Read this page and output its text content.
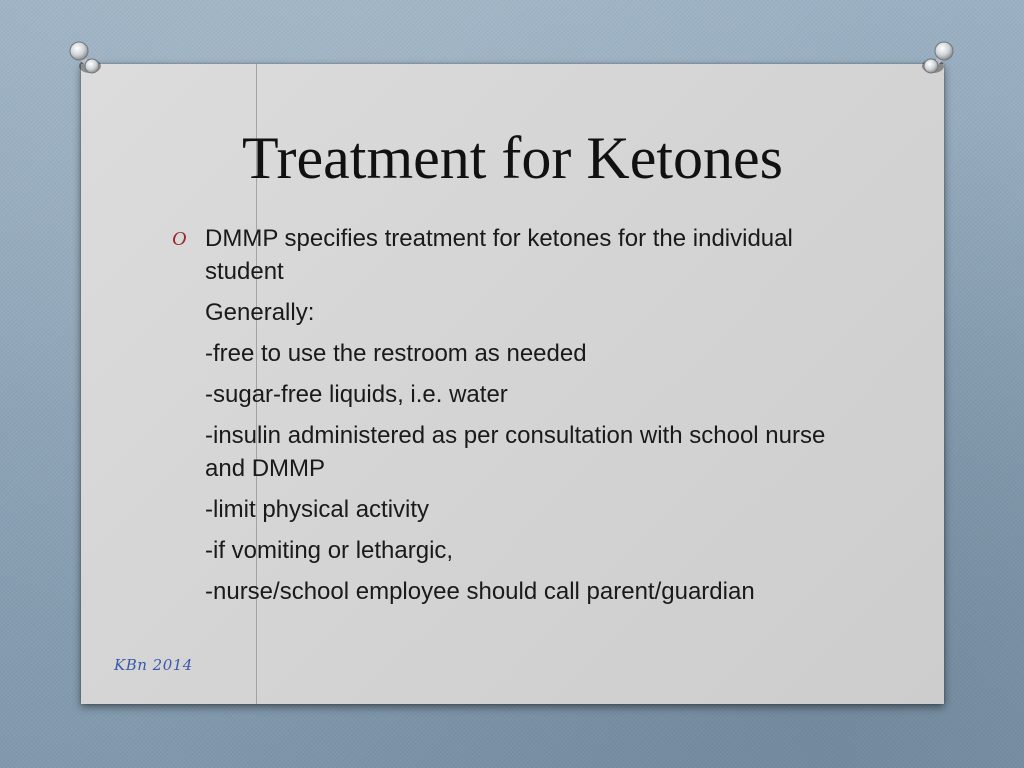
Treatment for Ketones
O DMMP specifies treatment for ketones for the individual student

Generally:

-free to use the restroom as needed

-sugar-free liquids, i.e. water

-insulin administered as per consultation with school nurse and DMMP

-limit physical activity

-if vomiting or lethargic,

-nurse/school employee should call parent/guardian

KBn 2014
